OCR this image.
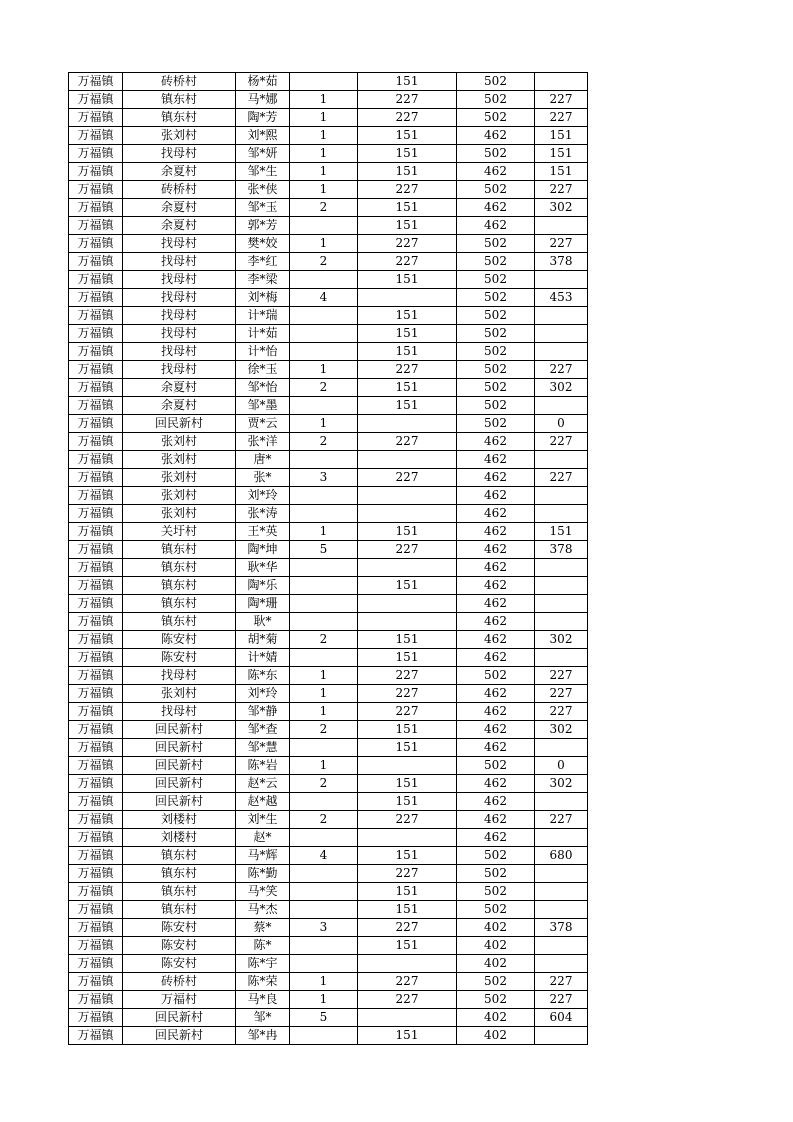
万福镇	砖桥村	杨*茹		151	502	
万福镇	镇东村	马*娜	1	227	502	227
万福镇	镇东村	陶*芳	1	227	502	227
万福镇	张刘村	刘*熙	1	151	462	151
万福镇	找母村	邹*妍	1	151	502	151
万福镇	余夏村	邹*生	1	151	462	151
万福镇	砖桥村	张*侠	1	227	502	227
万福镇	余夏村	邹*玉	2	151	462	302
万福镇	余夏村	郭*芳		151	462	
万福镇	找母村	樊*姣	1	227	502	227
万福镇	找母村	李*红	2	227	502	378
万福镇	找母村	李*梁		151	502	
万福镇	找母村	刘*梅	4		502	453
万福镇	找母村	计*瑞		151	502	
万福镇	找母村	计*茹		151	502	
万福镇	找母村	计*怡		151	502	
万福镇	找母村	徐*玉	1	227	502	227
万福镇	余夏村	邹*怡	2	151	502	302
万福镇	余夏村	邹*墨		151	502	
万福镇	回民新村	贾*云	1		502	0
万福镇	张刘村	张*洋	2	227	462	227
万福镇	张刘村	唐*			462	
万福镇	张刘村	张*	3	227	462	227
万福镇	张刘村	刘*玲			462	
万福镇	张刘村	张*涛			462	
万福镇	关圩村	王*英	1	151	462	151
万福镇	镇东村	陶*坤	5	227	462	378
万福镇	镇东村	耿*华			462	
万福镇	镇东村	陶*乐		151	462	
万福镇	镇东村	陶*珊			462	
万福镇	镇东村	耿*			462	
万福镇	陈安村	胡*菊	2	151	462	302
万福镇	陈安村	计*婧		151	462	
万福镇	找母村	陈*东	1	227	502	227
万福镇	张刘村	刘*玲	1	227	462	227
万福镇	找母村	邹*静	1	227	462	227
万福镇	回民新村	邹*查	2	151	462	302
万福镇	回民新村	邹*慧		151	462	
万福镇	回民新村	陈*岩	1		502	0
万福镇	回民新村	赵*云	2	151	462	302
万福镇	回民新村	赵*越		151	462	
万福镇	刘楼村	刘*生	2	227	462	227
万福镇	刘楼村	赵*			462	
万福镇	镇东村	马*辉	4	151	502	680
万福镇	镇东村	陈*勤		227	502	
万福镇	镇东村	马*笑		151	502	
万福镇	镇东村	马*杰		151	502	
万福镇	陈安村	蔡*	3	227	402	378
万福镇	陈安村	陈*		151	402	
万福镇	陈安村	陈*宇			402	
万福镇	砖桥村	陈*荣	1	227	502	227
万福镇	万福村	马*良	1	227	502	227
万福镇	回民新村	邹*	5		402	604
万福镇	回民新村	邹*冉		151	402	
